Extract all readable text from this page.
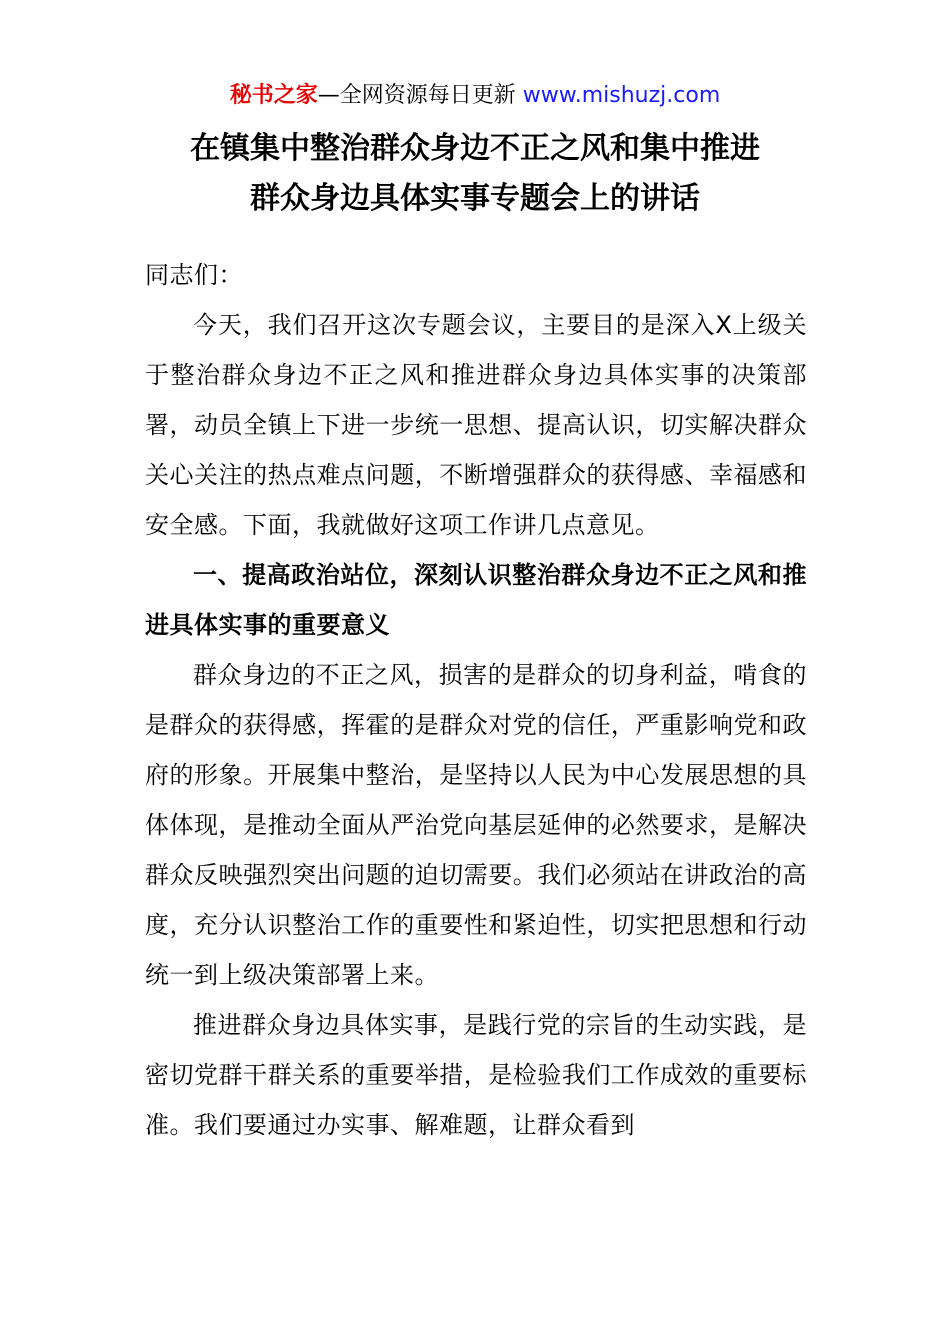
秘书之家—全网资源每日更新 www.mishuzj.com
在镇集中整治群众身边不正之风和集中推进
群众身边具体实事专题会上的讲话

同志们：

今天，我们召开这次专题会议，主要目的是深入X上级关于整治群众身边不正之风和推进群众身边具体实事的决策部署，动员全镇上下进一步统一思想、提高认识，切实解决群众关心关注的热点难点问题，不断增强群众的获得感、幸福感和安全感。下面，我就做好这项工作讲几点意见。

一、提高政治站位，深刻认识整治群众身边不正之风和推进具体实事的重要意义

群众身边的不正之风，损害的是群众的切身利益，啃食的是群众的获得感，挥霍的是群众对党的信任，严重影响党和政府的形象。开展集中整治，是坚持以人民为中心发展思想的具体体现，是推动全面从严治党向基层延伸的必然要求，是解决群众反映强烈突出问题的迫切需要。我们必须站在讲政治的高度，充分认识整治工作的重要性和紧迫性，切实把思想和行动统一到上级决策部署上来。

推进群众身边具体实事，是践行党的宗旨的生动实践，是密切党群干群关系的重要举措，是检验我们工作成效的重要标准。我们要通过办实事、解难题，让群众看到
